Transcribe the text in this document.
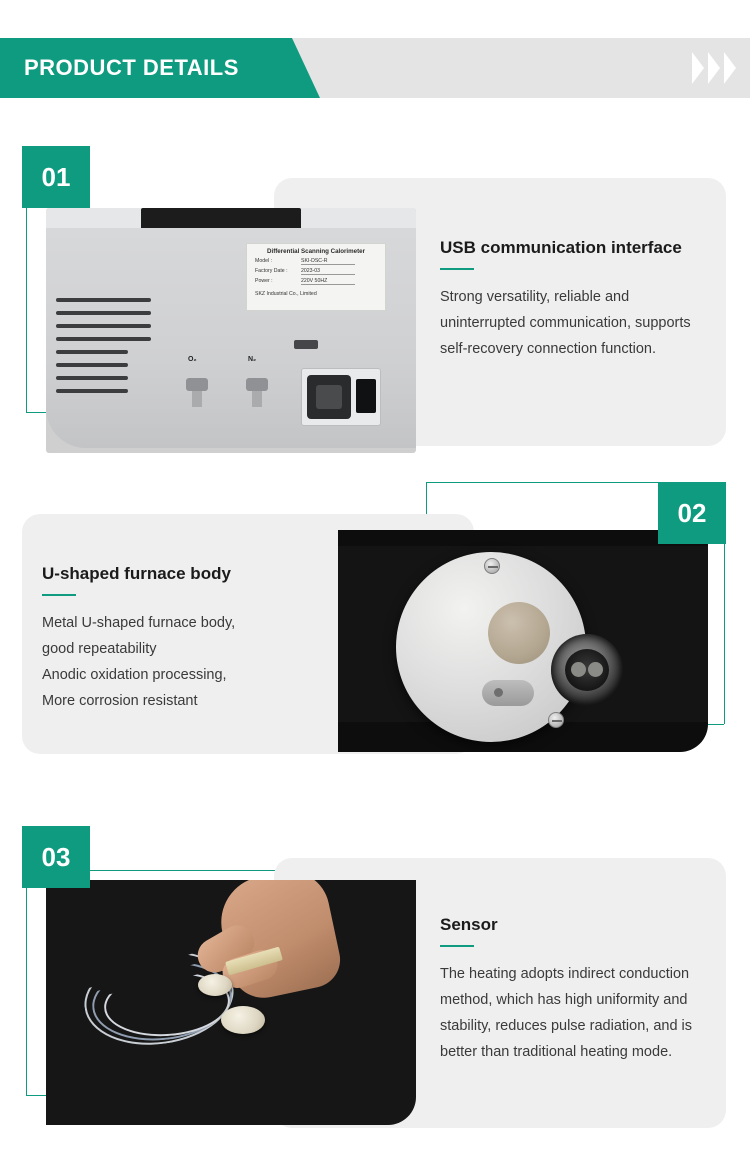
PRODUCT DETAILS
01
O₂	N₂
Differential Scanning Calorimeter
Model :	SKI-DSC-R
Factory Date :	2023-03
Power :	220V 50HZ
SKZ Industrial Co., Limited
USB communication interface
Strong versatility, reliable and uninterrupted communication, supports self-recovery connection function.
02
U-shaped furnace body
Metal U-shaped furnace body,
good repeatability
Anodic oxidation processing,
More corrosion resistant
03
Sensor
The heating adopts indirect conduction method, which has high uniformity and stability, reduces pulse radiation, and is better than traditional heating mode.
